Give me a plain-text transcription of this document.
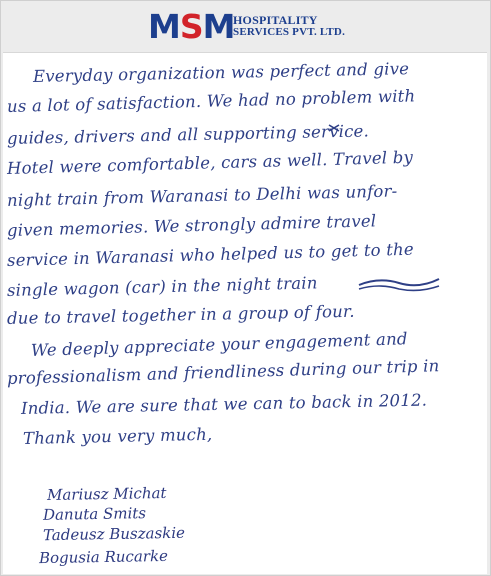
MSM
HOSPITALITY
SERVICES PVT. LTD.
Everyday organization was perfect and give
us a lot of satisfaction. We had no problem with
guides, drivers and all supporting service.
Hotel were comfortable, cars as well. Travel by
night train from Waranasi to Delhi was unfor-
given memories. We strongly admire travel
service in Waranasi who helped us to get to the
single wagon (car) in the night train
due to travel together in a group of four.
We deeply appreciate your engagement and
professionalism and friendliness during our trip in
India. We are sure that we can to back in 2012.
Thank you very much,
Mariusz Michat
Danuta Smits
Tadeusz Buszaskie
Bogusia Rucarke
